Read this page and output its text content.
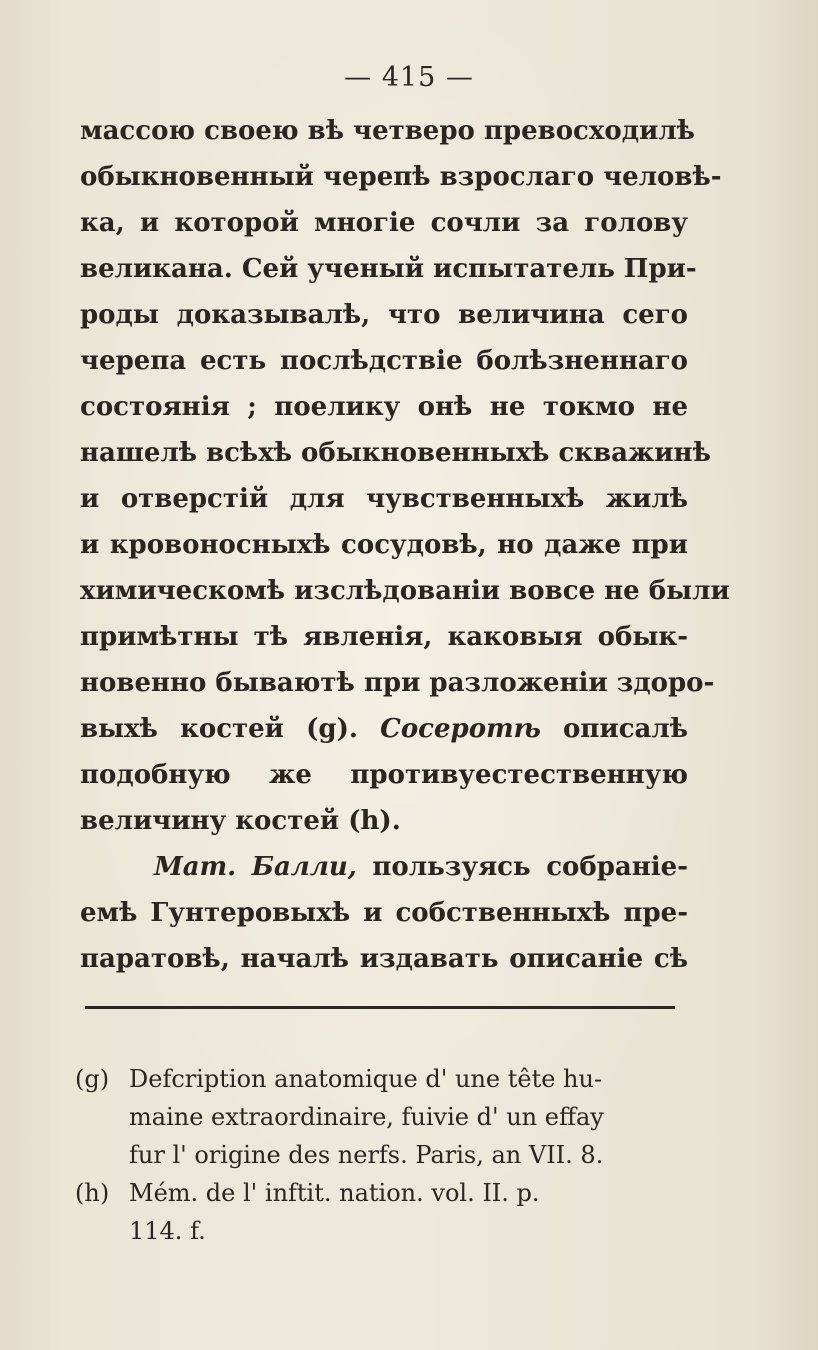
— 415 —
массою своею вѣ четверо превосходилѣ
обыкновенный черепѣ взрослаго человѣ-
ка, и которой многіе сочли за голову
великана. Сей ученый испытатель При-
роды доказывалѣ, что величина сего
черепа есть послѣдствіе болѣзненнаго
состоянія ; поелику онѣ не токмо не
нашелѣ всѣхѣ обыкновенныхѣ скважинѣ
и отверстій для чувственныхѣ жилѣ
и кровоносныхѣ сосудовѣ, но даже при
химическомѣ изслѣдованіи вовсе не были
примѣтны тѣ явленія, каковыя обык-
новенно бываютѣ при разложеніи здоро-
выхѣ костей (g). Сосеротѣ описалѣ
подобную же противуестественную
величину костей (h).
Мат. Балли, пользуясь собраніе-
емѣ Гунтеровыхѣ и собственныхѣ пре-
паратовѣ, началѣ издавать описаніе сѣ
(g) Defcription anatomique d' une tête hu-
maine extraordinaire, fuivie d' un effay
fur l' origine des nerfs. Paris, an VII. 8.
(h) Mém. de l' inftit. nation. vol. II. p.
114. f.
